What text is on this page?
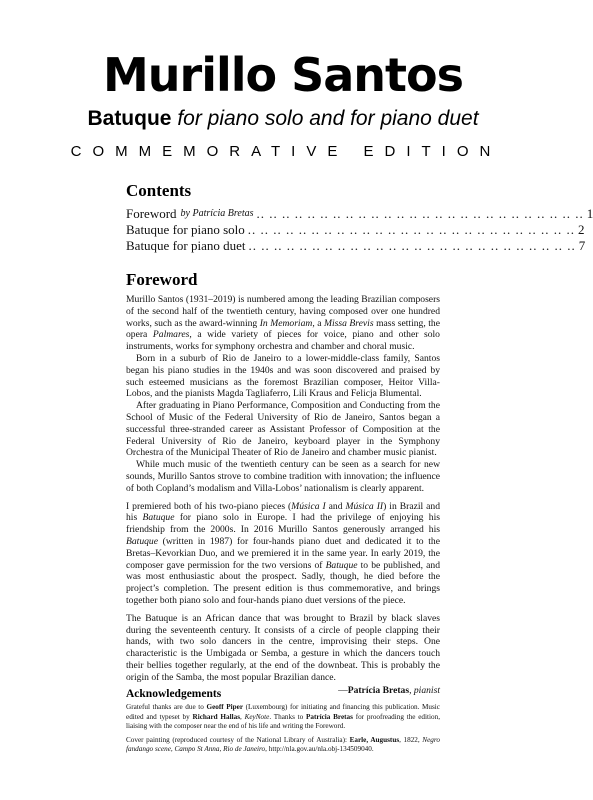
Murillo Santos
Batuque for piano solo and for piano duet
COMMEMORATIVE EDITION
Contents
Foreword by Patrícia Bretas .. .. .. .. .. .. .. .. .. .. .. .. .. .. .. .. .. .. .. .. .. .. .. .. .. .. 1
Batuque for piano solo .. .. .. .. .. .. .. .. .. .. .. .. .. .. .. .. .. .. .. .. .. .. .. .. .. .. 2
Batuque for piano duet .. .. .. .. .. .. .. .. .. .. .. .. .. .. .. .. .. .. .. .. .. .. .. .. .. .. 7
Foreword

Murillo Santos (1931–2019) is numbered among the leading Brazilian composers of the second half of the twentieth century, having composed over one hundred works, such as the award-winning In Memoriam, a Missa Brevis mass setting, the opera Palmares, a wide variety of pieces for voice, piano and other solo instruments, works for symphony orchestra and chamber and choral music.

Born in a suburb of Rio de Janeiro to a lower-middle-class family, Santos began his piano studies in the 1940s and was soon discovered and praised by such esteemed musicians as the foremost Brazilian composer, Heitor Villa-Lobos, and the pianists Magda Tagliaferro, Lili Kraus and Felicja Blumental.

After graduating in Piano Performance, Composition and Conducting from the School of Music of the Federal University of Rio de Janeiro, Santos began a successful three-stranded career as Assistant Professor of Composition at the Federal University of Rio de Janeiro, keyboard player in the Symphony Orchestra of the Municipal Theater of Rio de Janeiro and chamber music pianist.

While much music of the twentieth century can be seen as a search for new sounds, Murillo Santos strove to combine tradition with innovation; the influence of both Copland’s modalism and Villa-Lobos’ nationalism is clearly apparent.

I premiered both of his two-piano pieces (Música I and Música II) in Brazil and his Batuque for piano solo in Europe. I had the privilege of enjoying his friendship from the 2000s. In 2016 Murillo Santos generously arranged his Batuque (written in 1987) for four-hands piano duet and dedicated it to the Bretas–Kevorkian Duo, and we premiered it in the same year. In early 2019, the composer gave permission for the two versions of Batuque to be published, and was most enthusiastic about the prospect. Sadly, though, he died before the project’s completion. The present edition is thus commemorative, and brings together both piano solo and four-hands piano duet versions of the piece.

The Batuque is an African dance that was brought to Brazil by black slaves during the seventeenth century. It consists of a circle of people clapping their hands, with two solo dancers in the centre, improvising their steps. One characteristic is the Umbigada or Semba, a gesture in which the dancers touch their bellies together regularly, at the end of the downbeat. This is probably the origin of the Samba, the most popular Brazilian dance.

—Patrícia Bretas, pianist
Acknowledgements

Grateful thanks are due to Geoff Piper (Luxembourg) for initiating and financing this publication. Music edited and typeset by Richard Hallas, KeyNote. Thanks to Patrícia Bretas for proofreading the edition, liaising with the composer near the end of his life and writing the Foreword.

Cover painting (reproduced courtesy of the National Library of Australia): Earle, Augustus, 1822, Negro fandango scene, Campo St Anna, Rio de Janeiro, http://nla.gov.au/nla.obj-134509040.
